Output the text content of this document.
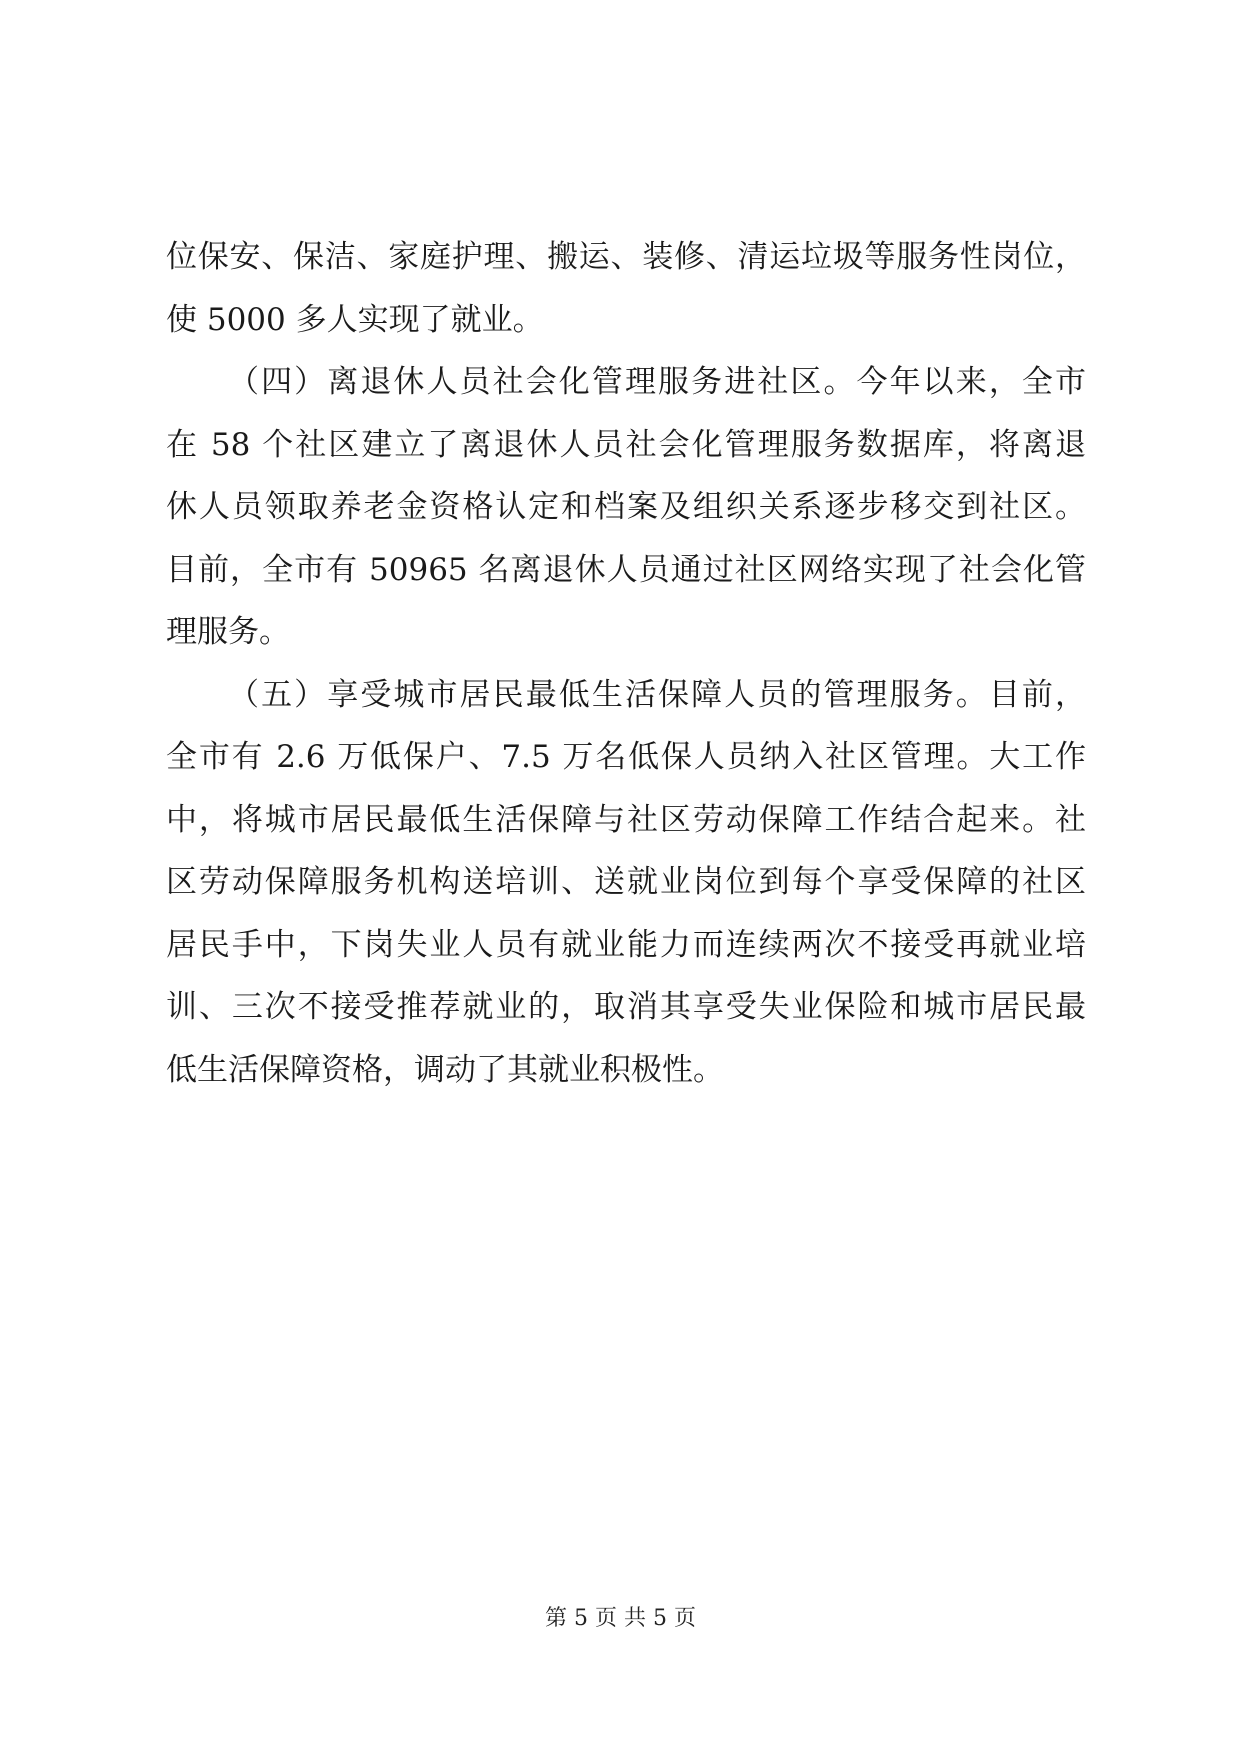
位保安、保洁、家庭护理、搬运、装修、清运垃圾等服务性岗位，
使 5000 多人实现了就业。
（四）离退休人员社会化管理服务进社区。今年以来，全市
在 58 个社区建立了离退休人员社会化管理服务数据库，将离退
休人员领取养老金资格认定和档案及组织关系逐步移交到社区。
目前，全市有 50965 名离退休人员通过社区网络实现了社会化管
理服务。
（五）享受城市居民最低生活保障人员的管理服务。目前，
全市有 2.6 万低保户、7.5 万名低保人员纳入社区管理。大工作
中，将城市居民最低生活保障与社区劳动保障工作结合起来。社
区劳动保障服务机构送培训、送就业岗位到每个享受保障的社区
居民手中，下岗失业人员有就业能力而连续两次不接受再就业培
训、三次不接受推荐就业的，取消其享受失业保险和城市居民最
低生活保障资格，调动了其就业积极性。
第 5 页 共 5 页
